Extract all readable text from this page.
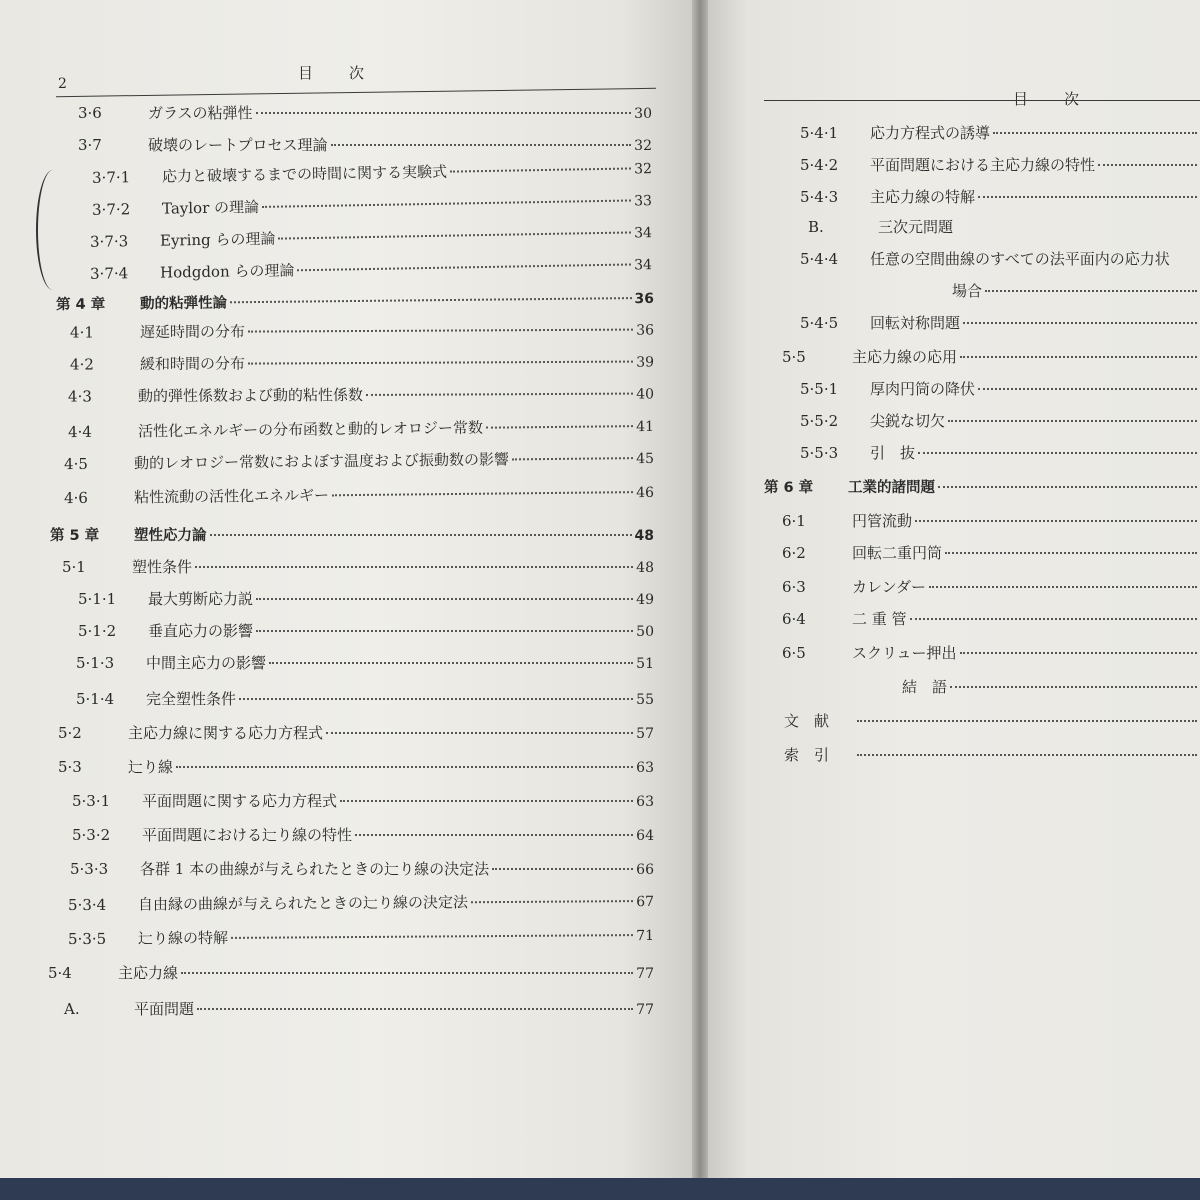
2
目　　次
3·6	ガラスの粘弾性	30
3·7	破壊のレートプロセス理論	32
3·7·1	応力と破壊するまでの時間に関する実験式	32
3·7·2	Taylor の理論	33
3·7·3	Eyring らの理論	34
3·7·4	Hodgdon らの理論	34
第 4 章	動的粘弾性論	36
4·1	遅延時間の分布	36
4·2	緩和時間の分布	39
4·3	動的弾性係数および動的粘性係数	40
4·4	活性化エネルギーの分布函数と動的レオロジー常数	41
4·5	動的レオロジー常数におよぼす温度および振動数の影響	45
4·6	粘性流動の活性化エネルギー	46
第 5 章	塑性応力論	48
5·1	塑性条件	48
5·1·1	最大剪断応力説	49
5·1·2	垂直応力の影響	50
5·1·3	中間主応力の影響	51
5·1·4	完全塑性条件	55
5·2	主応力線に関する応力方程式	57
5·3	辷り線	63
5·3·1	平面問題に関する応力方程式	63
5·3·2	平面問題における辷り線の特性	64
5·3·3	各群 1 本の曲線が与えられたときの辷り線の決定法	66
5·3·4	自由縁の曲線が与えられたときの辷り線の決定法	67
5·3·5	辷り線の特解	71
5·4	主応力線	77
A.	平面問題	77
目　　次
5·4·1	応力方程式の誘導
5·4·2	平面問題における主応力線の特性
5·4·3	主応力線の特解
B.	三次元問題
5·4·4	任意の空間曲線のすべての法平面内の応力状
場合
5·4·5	回転対称問題
5·5	主応力線の応用
5·5·1	厚肉円筒の降伏
5·5·2	尖鋭な切欠
5·5·3	引　抜
第 6 章	工業的諸問題
6·1	円管流動
6·2	回転二重円筒
6·3	カレンダー
6·4	二 重 管
6·5	スクリュー押出
結　語
文　献
索　引
